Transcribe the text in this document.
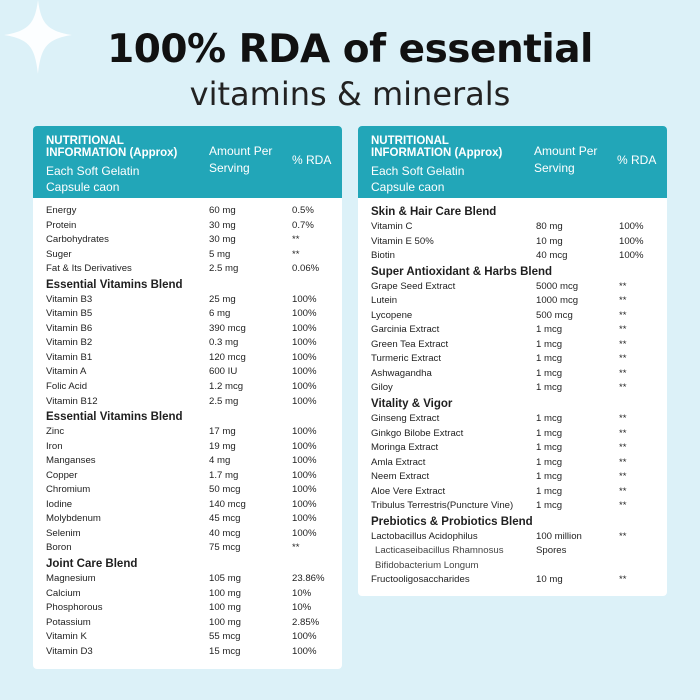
100% RDA of essential
vitamins & minerals
NUTRITIONAL
INFORMATION (Approx)
Each Soft Gelatin
Capsule caon
Amount Per
Serving
% RDA
Energy	60 mg	0.5%
Protein	30 mg	0.7%
Carbohydrates	30 mg	**
Suger	5 mg	**
Fat & Its Derivatives	2.5 mg	0.06%
Essential Vitamins Blend
Vitamin B3	25 mg	100%
Vitamin B5	6 mg	100%
Vitamin B6	390 mcg	100%
Vitamin B2	0.3 mg	100%
Vitamin B1	120 mcg	100%
Vitamin A	600 IU	100%
Folic Acid	1.2 mcg	100%
Vitamin B12	2.5 mg	100%
Essential Vitamins Blend
Zinc	17 mg	100%
Iron	19 mg	100%
Manganses	4 mg	100%
Copper	1.7 mg	100%
Chromium	50 mcg	100%
Iodine	140 mcg	100%
Molybdenum	45 mcg	100%
Selenim	40 mcg	100%
Boron	75 mcg	**
Joint Care Blend
Magnesium	105 mg	23.86%
Calcium	100 mg	10%
Phosphorous	100 mg	10%
Potassium	100 mg	2.85%
Vitamin K	55 mcg	100%
Vitamin D3	15 mcg	100%
NUTRITIONAL
INFORMATION (Approx)
Each Soft Gelatin
Capsule caon
Amount Per
Serving
% RDA
Skin & Hair Care Blend
Vitamin C	80 mg	100%
Vitamin E 50%	10 mg	100%
Biotin	40 mcg	100%
Super Antioxidant & Harbs Blend
Grape Seed Extract	5000 mcg	**
Lutein	1000 mcg	**
Lycopene	500 mcg	**
Garcinia Extract	1 mcg	**
Green Tea Extract	1 mcg	**
Turmeric Extract	1 mcg	**
Ashwagandha	1 mcg	**
Giloy	1 mcg	**
Vitality & Vigor
Ginseng Extract	1 mcg	**
Ginkgo Bilobe Extract	1 mcg	**
Moringa Extract	1 mcg	**
Amla Extract	1 mcg	**
Neem Extract	1 mcg	**
Aloe Vere Extract	1 mcg	**
Tribulus Terrestris(Puncture Vine) 1 mcg	**
Prebiotics & Probiotics Blend
Lactobacillus Acidophilus	100 million	**
Lacticaseibacillus Rhamnosus	Spores
Bifidobacterium Longum
Fructooligosaccharides	10 mg	**
